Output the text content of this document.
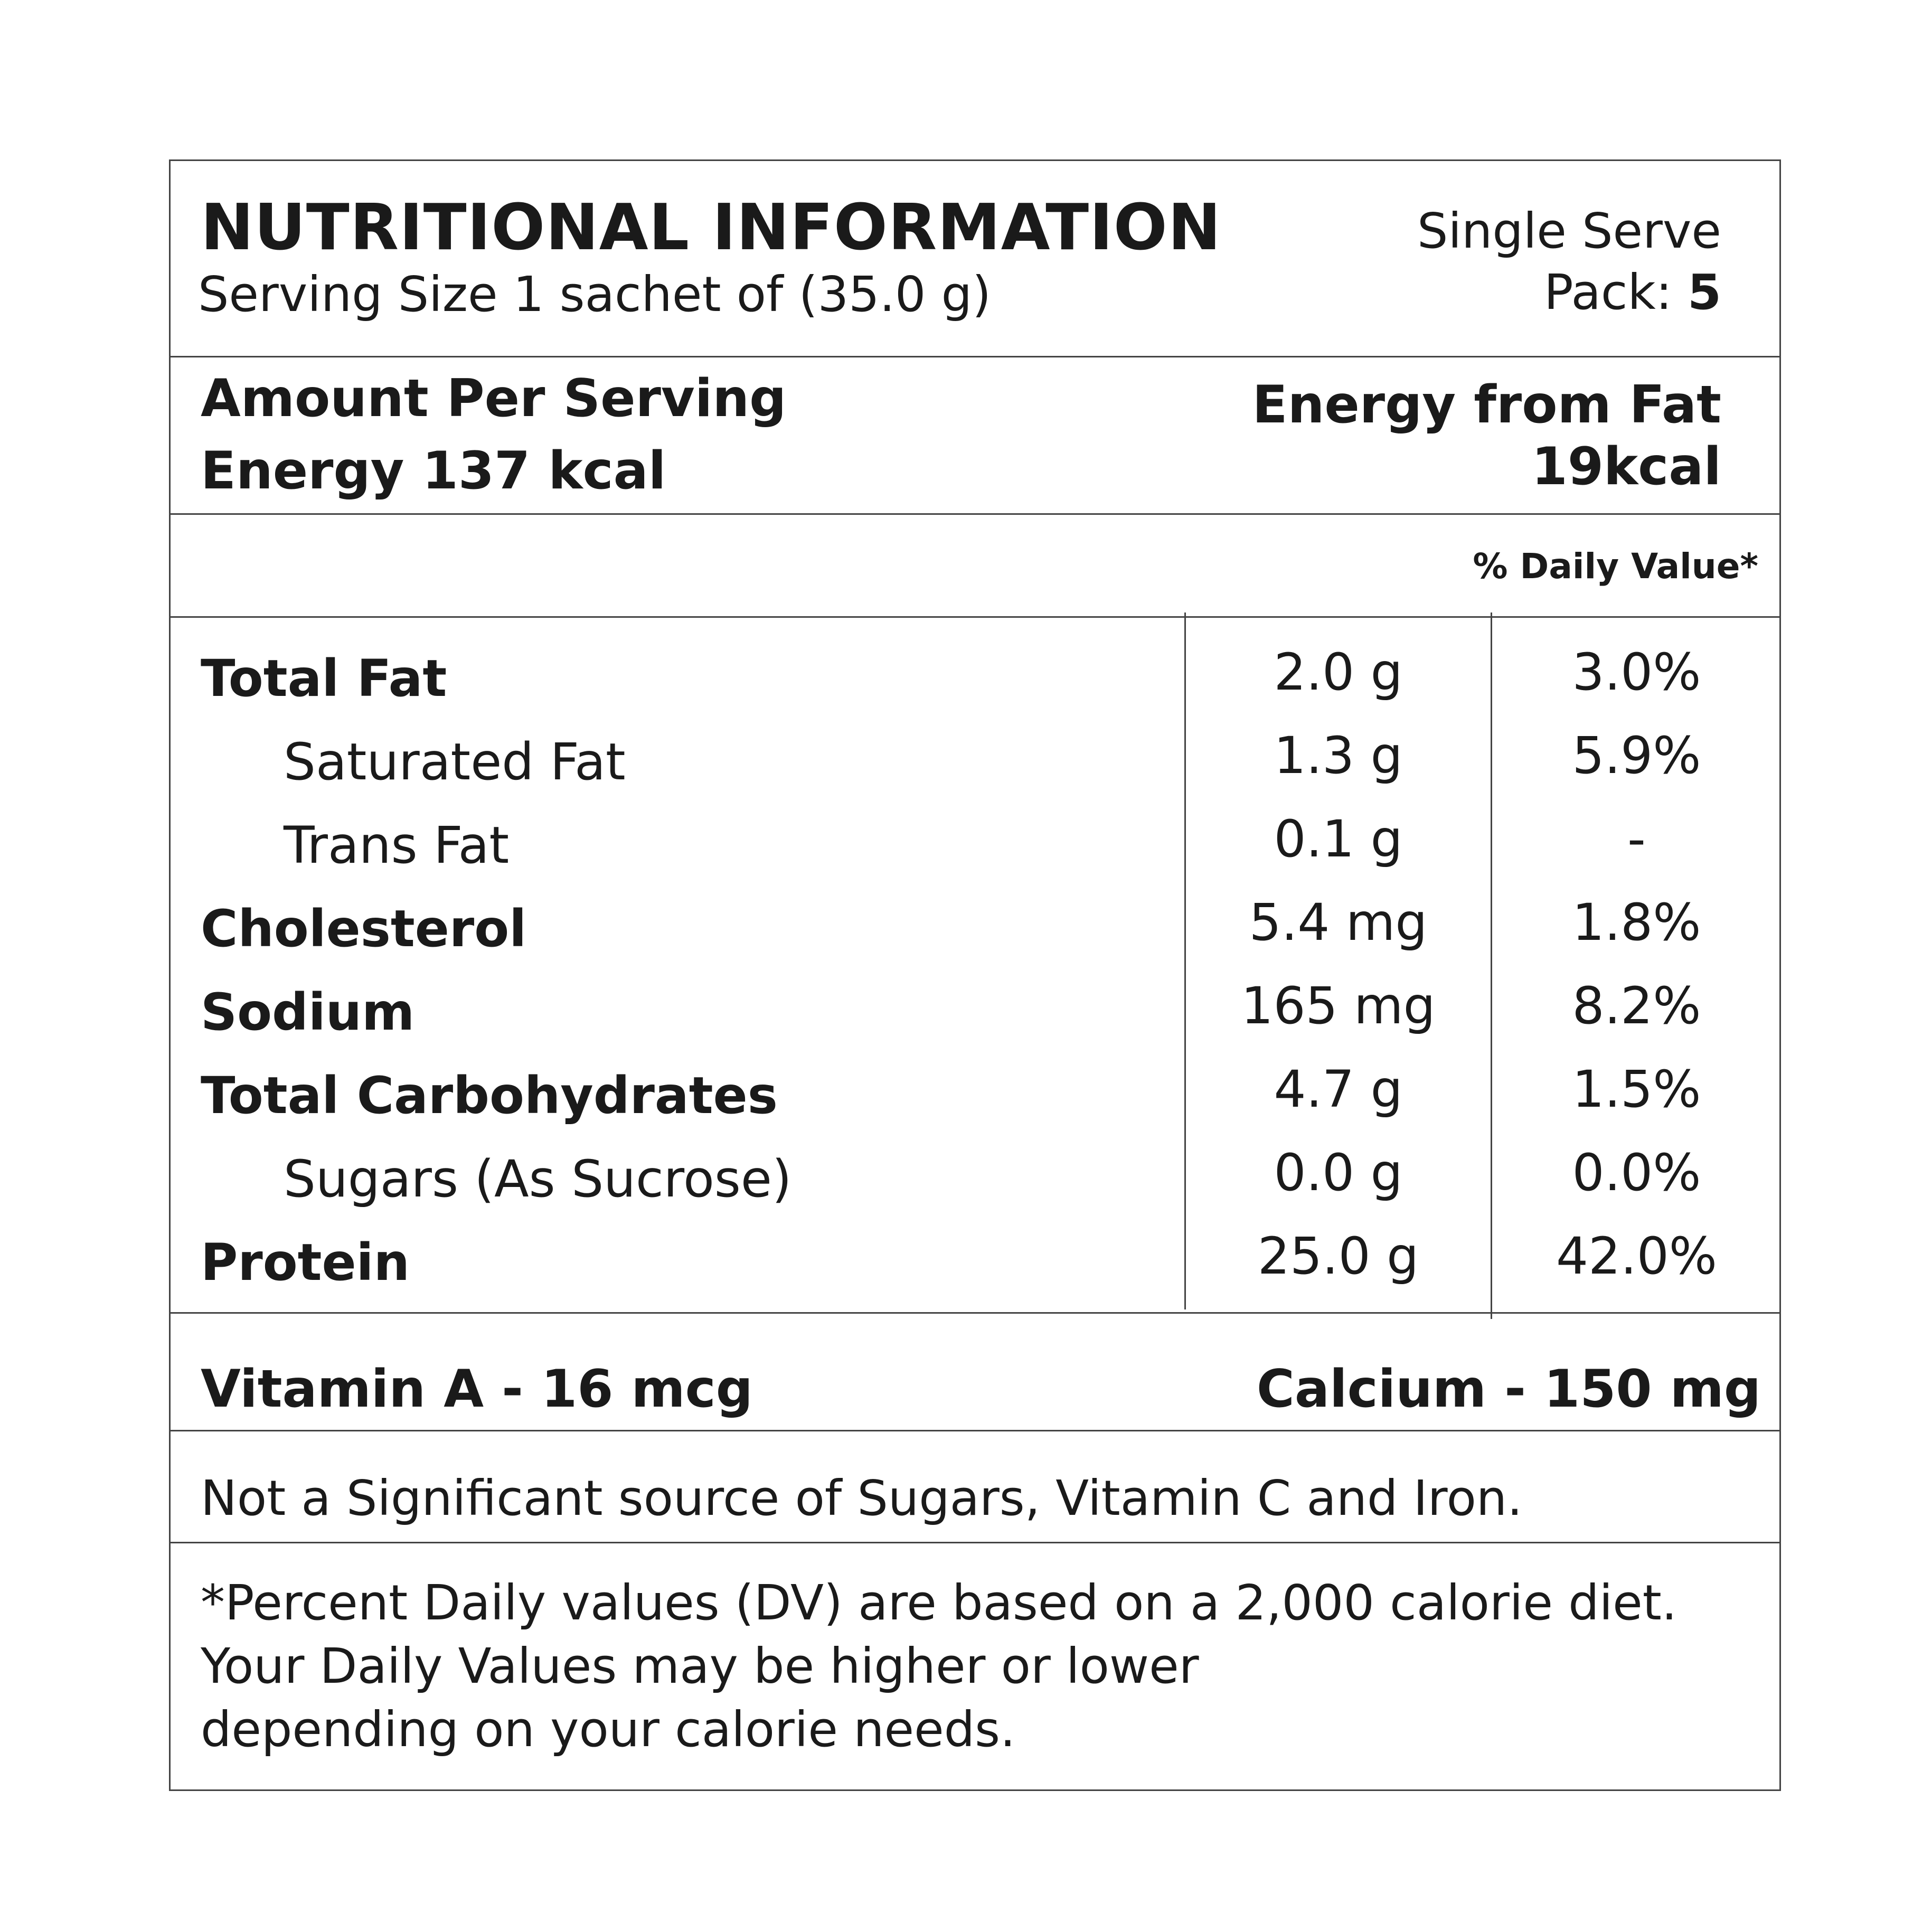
NUTRITIONAL INFORMATION
Serving Size 1 sachet of (35.0 g)
Single Serve
Pack: 5
Amount Per Serving
Energy 137 kcal
Energy from Fat
19kcal
% Daily Value*
Total Fat	2.0 g	3.0%
Saturated Fat	1.3 g	5.9%
Trans Fat	0.1 g	-
Cholesterol	5.4 mg	1.8%
Sodium	165 mg	8.2%
Total Carbohydrates	4.7 g	1.5%
Sugars (As Sucrose)	0.0 g	0.0%
Protein	25.0 g	42.0%
Vitamin A - 16 mcg	Calcium - 150 mg
Not a Significant source of Sugars, Vitamin C and Iron.
*Percent Daily values (DV) are based on a 2,000 calorie diet.
Your Daily Values may be higher or lower
depending on your calorie needs.
